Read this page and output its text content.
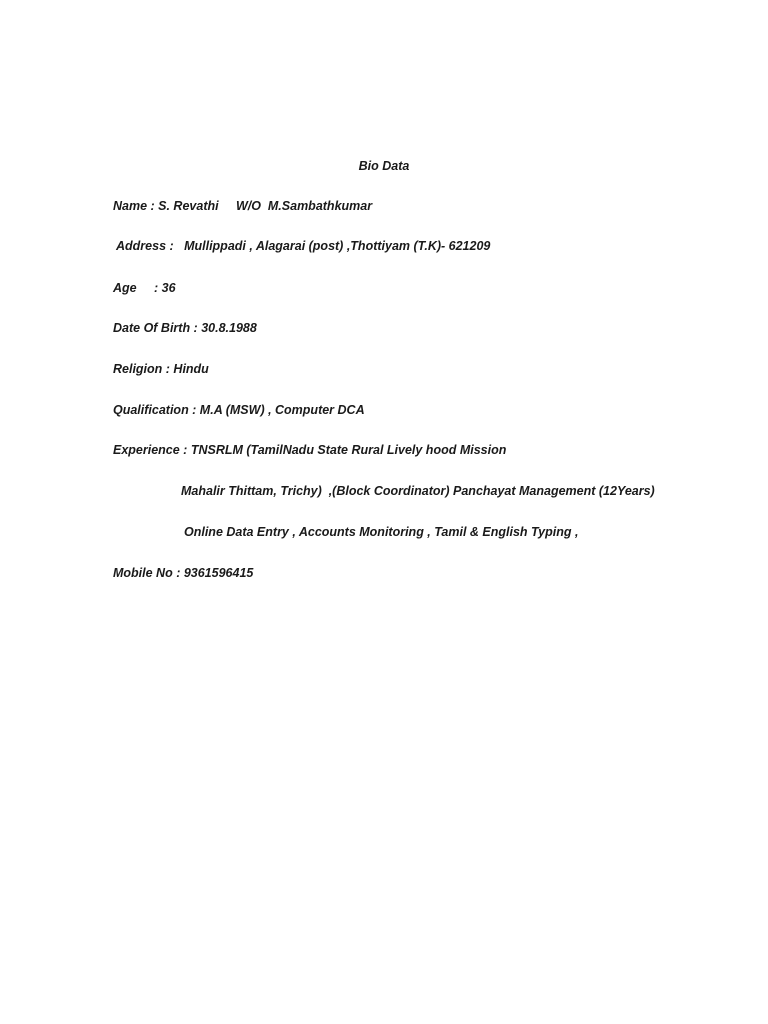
Bio Data

Name : S. Revathi     W/O  M.Sambathkumar

Address :   Mullippadi , Alagarai (post) ,Thottiyam (T.K)- 621209

Age     : 36

Date Of Birth : 30.8.1988

Religion : Hindu

Qualification : M.A (MSW) , Computer DCA

Experience : TNSRLM (TamilNadu State Rural Lively hood Mission

Mahalir Thittam, Trichy)  ,(Block Coordinator) Panchayat Management (12Years)

Online Data Entry , Accounts Monitoring , Tamil & English Typing ,

Mobile No : 9361596415
